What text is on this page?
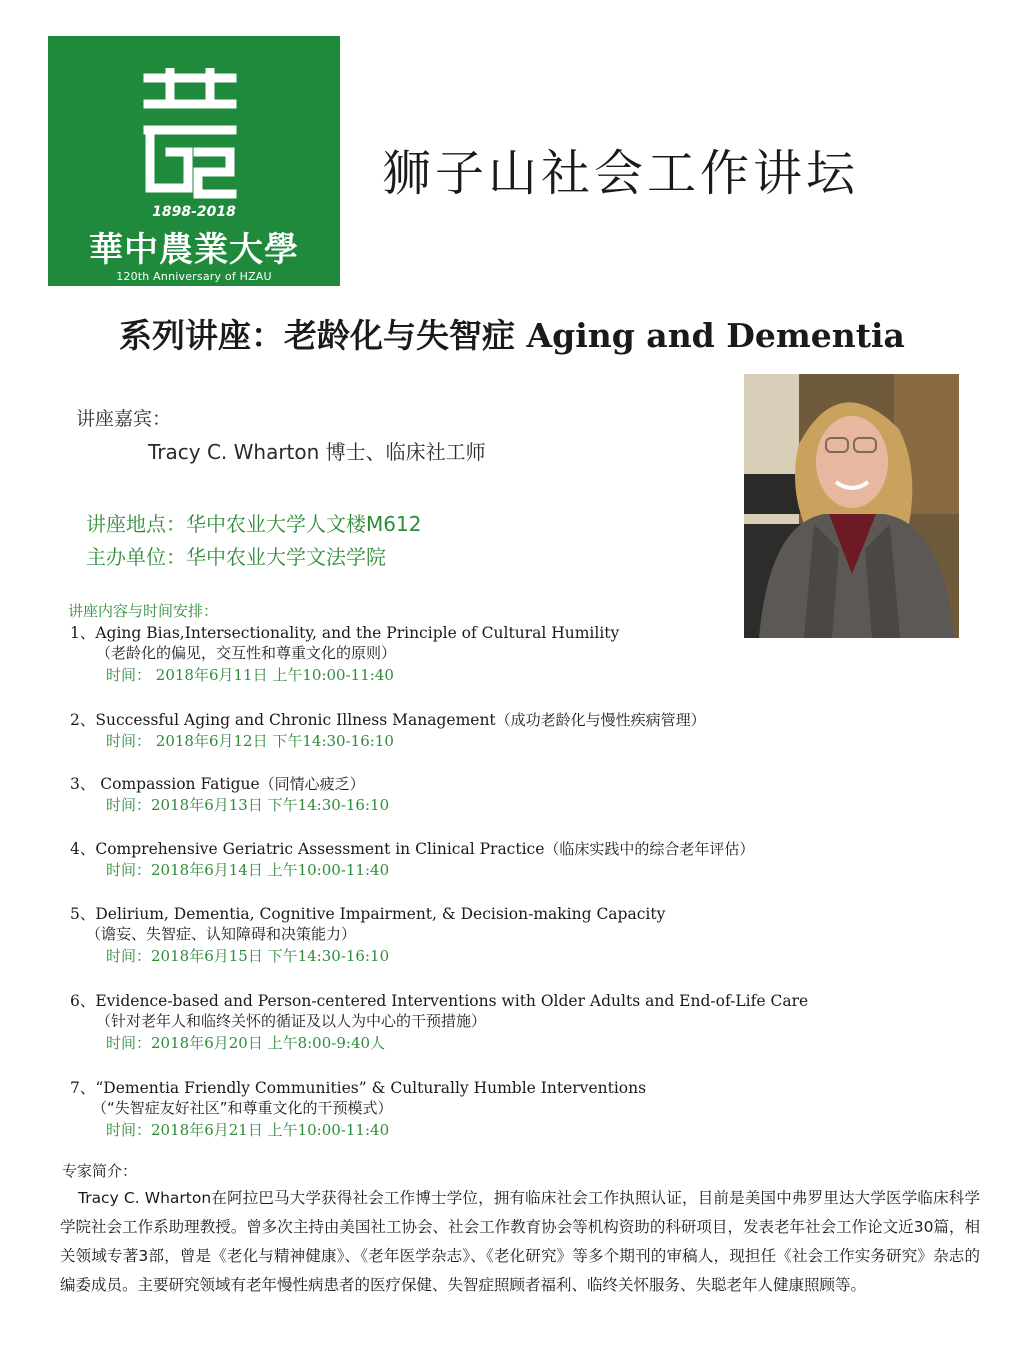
1898-2018
華中農業大學
120th Anniversary of HZAU
狮子山社会工作讲坛
系列讲座：老龄化与失智症 Aging and Dementia
讲座嘉宾：
Tracy C. Wharton 博士、临床社工师
讲座地点：华中农业大学人文楼M612
主办单位：华中农业大学文法学院
讲座内容与时间安排：
1、Aging Bias,Intersectionality, and the Principle of Cultural Humility
（老龄化的偏见，交互性和尊重文化的原则）
时间： 2018年6月11日 上午10:00-11:40
2、Successful Aging and Chronic Illness Management（成功老龄化与慢性疾病管理）
时间： 2018年6月12日 下午14:30-16:10
3、 Compassion Fatigue（同情心疲乏）
时间：2018年6月13日 下午14:30-16:10
4、Comprehensive Geriatric Assessment in Clinical Practice（临床实践中的综合老年评估）
时间：2018年6月14日 上午10:00-11:40
5、Delirium, Dementia, Cognitive Impairment, & Decision-making Capacity
（谵妄、失智症、认知障碍和决策能力）
时间：2018年6月15日 下午14:30-16:10
6、Evidence-based and Person-centered Interventions with Older Adults and End-of-Life Care
（针对老年人和临终关怀的循证及以人为中心的干预措施）
时间：2018年6月20日 上午8:00-9:40人
7、“Dementia Friendly Communities” & Culturally Humble Interventions
（“失智症友好社区”和尊重文化的干预模式）
时间：2018年6月21日 上午10:00-11:40
专家简介：
Tracy C. Wharton在阿拉巴马大学获得社会工作博士学位，拥有临床社会工作执照认证，目前是美国中弗罗里达大学医学临床科学学院社会工作系助理教授。曾多次主持由美国社工协会、社会工作教育协会等机构资助的科研项目，发表老年社会工作论文近30篇，相关领域专著3部，曾是《老化与精神健康》、《老年医学杂志》、《老化研究》等多个期刊的审稿人，现担任《社会工作实务研究》杂志的编委成员。主要研究领域有老年慢性病患者的医疗保健、失智症照顾者福利、临终关怀服务、失聪老年人健康照顾等。
